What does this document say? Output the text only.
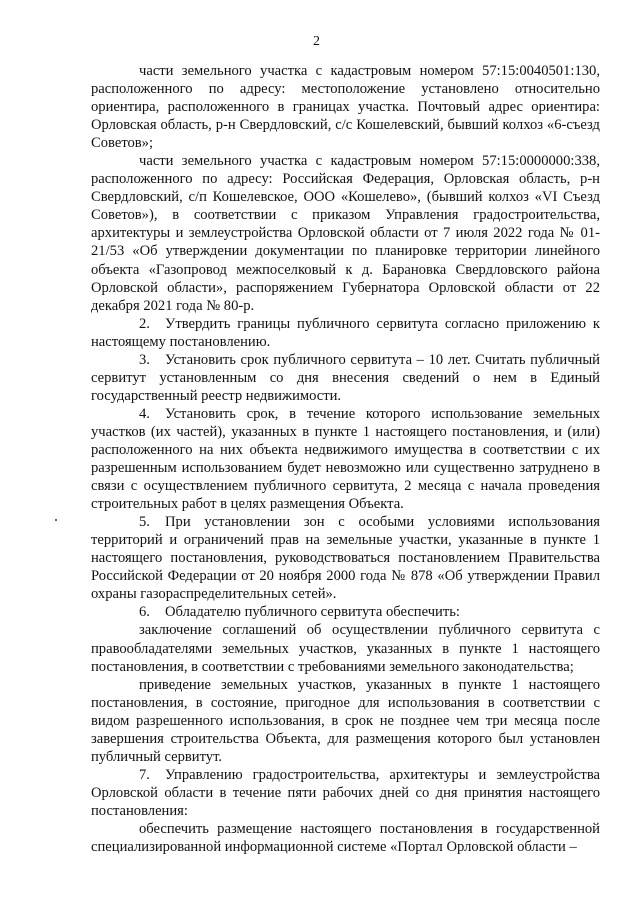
2

части земельного участка с кадастровым номером 57:15:0040501:130, расположенного по адресу: местоположение установлено относительно ориентира, расположенного в границах участка. Почтовый адрес ориентира: Орловская область, р-н Свердловский, с/с Кошелевский, бывший колхоз «6-съезд Советов»;

части земельного участка с кадастровым номером 57:15:0000000:338, расположенного по адресу: Российская Федерация, Орловская область, р-н Свердловский, с/п Кошелевское, ООО «Кошелево», (бывший колхоз «VI Съезд Советов»), в соответствии с приказом Управления градостроительства, архитектуры и землеустройства Орловской области от 7 июля 2022 года № 01-21/53 «Об утверждении документации по планировке территории линейного объекта «Газопровод межпоселковый к д. Барановка Свердловского района Орловской области», распоряжением Губернатора Орловской области от 22 декабря 2021 года № 80-р.

2. Утвердить границы публичного сервитута согласно приложению к настоящему постановлению.

3. Установить срок публичного сервитута – 10 лет. Считать публичный сервитут установленным со дня внесения сведений о нем в Единый государственный реестр недвижимости.

4. Установить срок, в течение которого использование земельных участков (их частей), указанных в пункте 1 настоящего постановления, и (или) расположенного на них объекта недвижимого имущества в соответствии с их разрешенным использованием будет невозможно или существенно затруднено в связи с осуществлением публичного сервитута, 2 месяца с начала проведения строительных работ в целях размещения Объекта.

5. При установлении зон с особыми условиями использования территорий и ограничений прав на земельные участки, указанные в пункте 1 настоящего постановления, руководствоваться постановлением Правительства Российской Федерации от 20 ноября 2000 года № 878 «Об утверждении Правил охраны газораспределительных сетей».

6. Обладателю публичного сервитута обеспечить:

заключение соглашений об осуществлении публичного сервитута с правообладателями земельных участков, указанных в пункте 1 настоящего постановления, в соответствии с требованиями земельного законодательства;

приведение земельных участков, указанных в пункте 1 настоящего постановления, в состояние, пригодное для использования в соответствии с видом разрешенного использования, в срок не позднее чем три месяца после завершения строительства Объекта, для размещения которого был установлен публичный сервитут.

7. Управлению градостроительства, архитектуры и землеустройства Орловской области в течение пяти рабочих дней со дня принятия настоящего постановления:

обеспечить размещение настоящего постановления в государственной специализированной информационной системе «Портал Орловской области –
